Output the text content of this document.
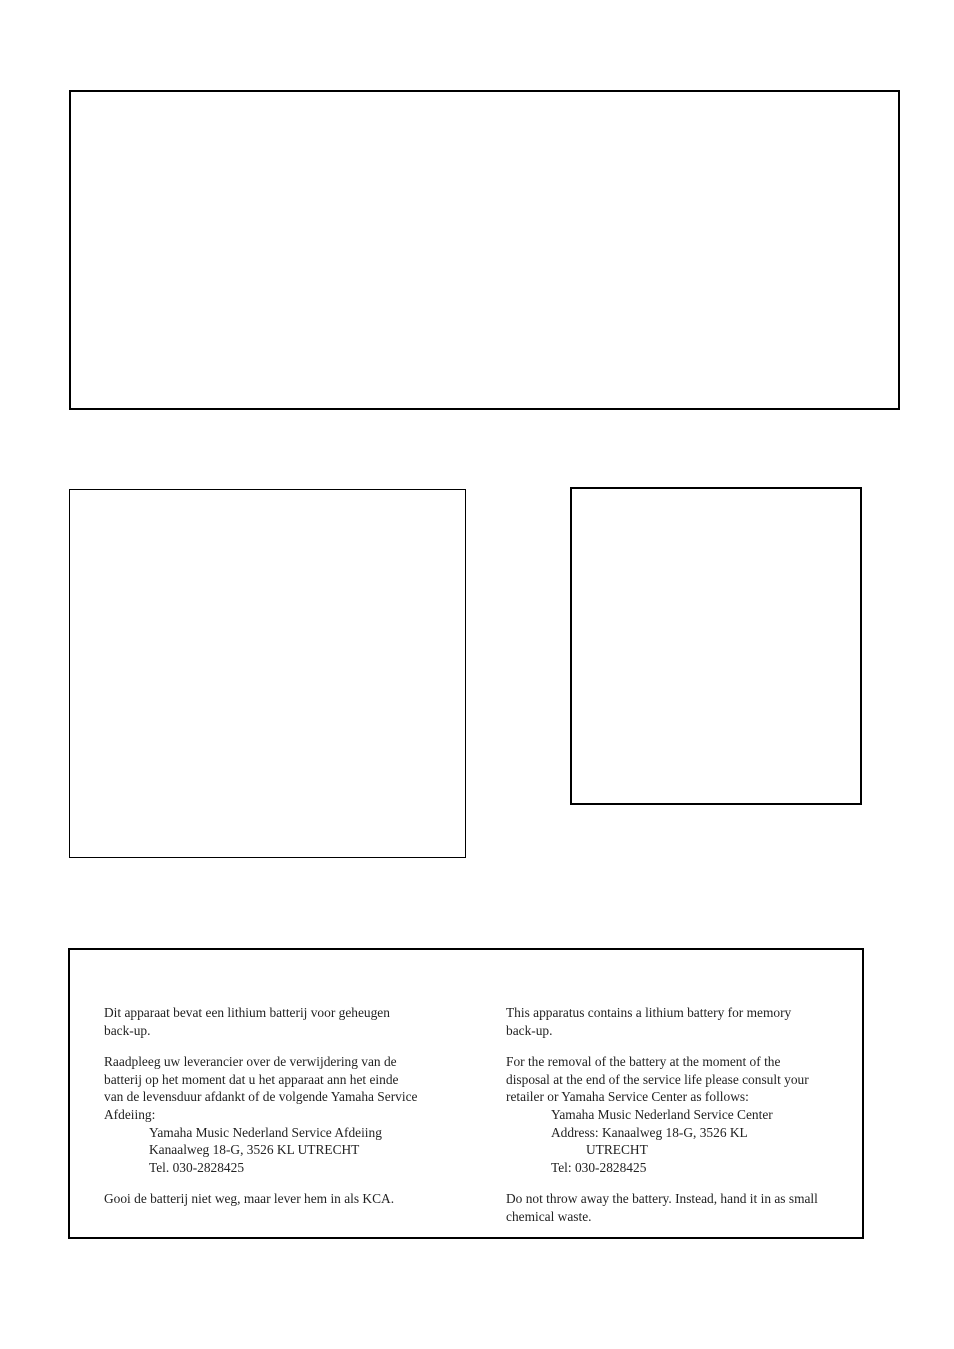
Dit apparaat bevat een lithium batterij voor geheugen
back-up.

Raadpleeg uw leverancier over de verwijdering van de
batterij op het moment dat u het apparaat ann het einde
van de levensduur afdankt of de volgende Yamaha Service
Afdeiing:
Yamaha Music Nederland Service Afdeiing
Kanaalweg 18-G, 3526 KL UTRECHT
Tel. 030-2828425

Gooi de batterij niet weg, maar lever hem in als KCA.

This apparatus contains a lithium battery for memory
back-up.

For the removal of the battery at the moment of the
disposal at the end of the service life please consult your
retailer or Yamaha Service Center as follows:
Yamaha Music Nederland Service Center
Address: Kanaalweg 18-G, 3526 KL
UTRECHT
Tel: 030-2828425

Do not throw away the battery. Instead, hand it in as small
chemical waste.
